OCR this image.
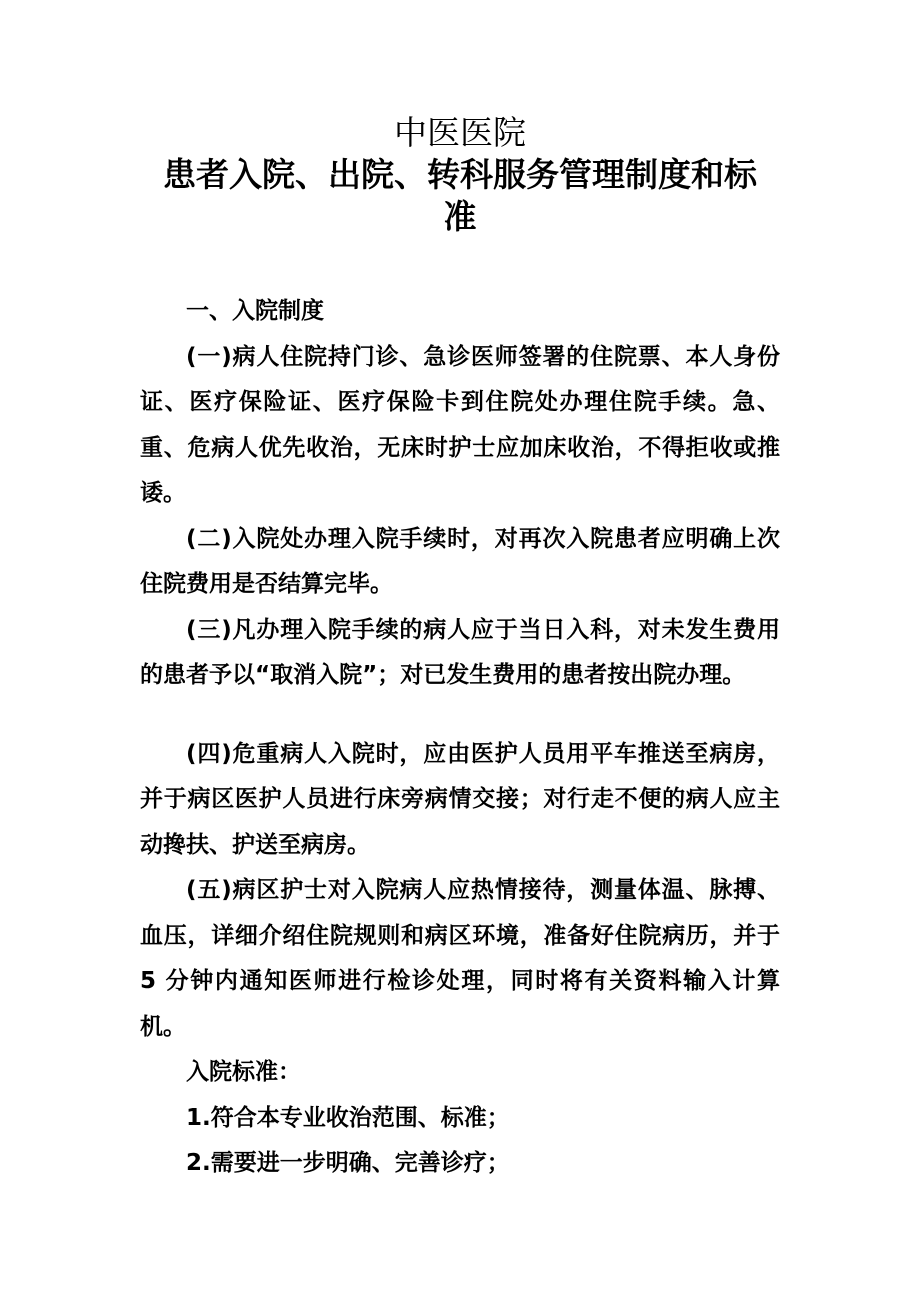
中医医院

患者入院、出院、转科服务管理制度和标

准

一、入院制度

(一)病人住院持门诊、急诊医师签署的住院票、本人身份证、医疗保险证、医疗保险卡到住院处办理住院手续。急、重、危病人优先收治，无床时护士应加床收治，不得拒收或推诿。

(二)入院处办理入院手续时，对再次入院患者应明确上次住院费用是否结算完毕。

(三)凡办理入院手续的病人应于当日入科，对未发生费用的患者予以“取消入院”；对已发生费用的患者按出院办理。

(四)危重病人入院时，应由医护人员用平车推送至病房，并于病区医护人员进行床旁病情交接；对行走不便的病人应主动搀扶、护送至病房。

(五)病区护士对入院病人应热情接待，测量体温、脉搏、血压，详细介绍住院规则和病区环境，准备好住院病历，并于 5 分钟内通知医师进行检诊处理，同时将有关资料输入计算机。

入院标准：

1.符合本专业收治范围、标准；

2.需要进一步明确、完善诊疗；
